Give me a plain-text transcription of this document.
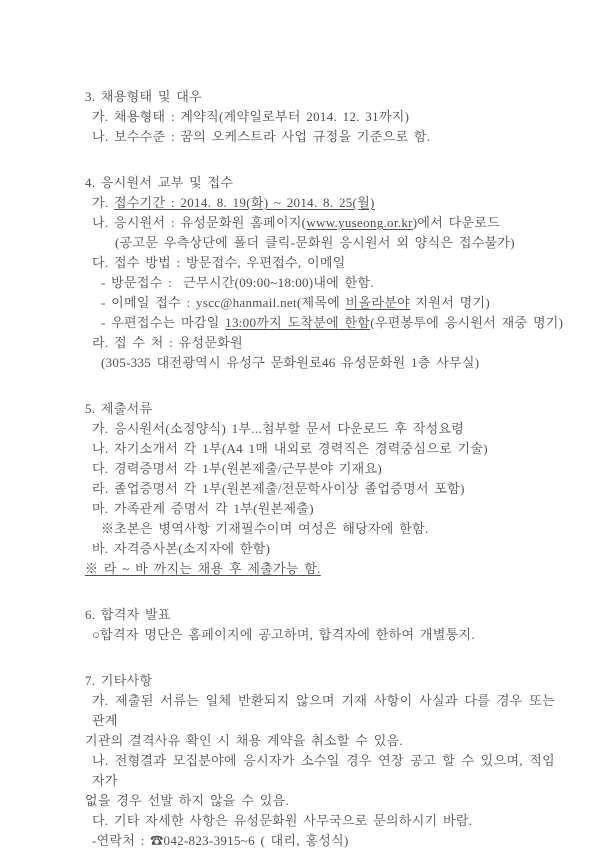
3. 채용형태 및 대우
가. 채용형태 : 계약직(계약일로부터 2014. 12. 31까지)
나. 보수수준 : 꿈의 오케스트라 사업 규정을 기준으로 함.
4. 응시원서 교부 및 접수
가. 접수기간 : 2014. 8. 19(화) ~ 2014. 8. 25(월)
나. 응시원서 : 유성문화원 홈페이지(www.yuseong.or.kr)에서 다운로드
(공고문 우측상단에 폴더 클릭-문화원 응시원서 외 양식은 접수불가)
다. 접수 방법 : 방문접수, 우편접수, 이메일
- 방문접수 :  근무시간(09:00~18:00)내에 한함.
- 이메일 접수 : yscc@hanmail.net(제목에 비올라분야 지원서 명기)
- 우편접수는 마감일 13:00까지 도착분에 한함(우편봉투에 응시원서 재중 명기)
라. 접 수 처 : 유성문화원
(305-335 대전광역시 유성구 문화원로46 유성문화원 1층 사무실)
5. 제출서류
가. 응시원서(소정양식) 1부...첨부할 문서 다운로드 후 작성요령
나. 자기소개서 각 1부(A4 1매 내외로 경력직은 경력중심으로 기술)
다. 경력증명서 각 1부(원본제출/근무분야 기재요)
라. 졸업증명서 각 1부(원본제출/전문학사이상 졸업증명서 포함)
마. 가족관계 증명서 각 1부(원본제출)
※초본은 병역사항 기재필수이며 여성은 해당자에 한함.
바. 자격증사본(소지자에 한함)
※ 라 ~ 바 까지는 채용 후 제출가능 함.
6. 합격자 발표
○합격자 명단은 홈페이지에 공고하며, 합격자에 한하여 개별통지.
7. 기타사항
가. 제출된 서류는 일체 반환되지 않으며 기재 사항이 사실과 다를 경우 또는 관계
기관의 결격사유 확인 시 채용 계약을 취소할 수 있음.
나. 전형결과 모집분야에 응시자가 소수일 경우 연장 공고 할 수 있으며, 적임자가
없을 경우 선발 하지 않을 수 있음.
다. 기타 자세한 사항은 유성문화원 사무국으로 문의하시기 바람.
-연락처 : ☎042-823-3915~6 ( 대리, 홍성식)
